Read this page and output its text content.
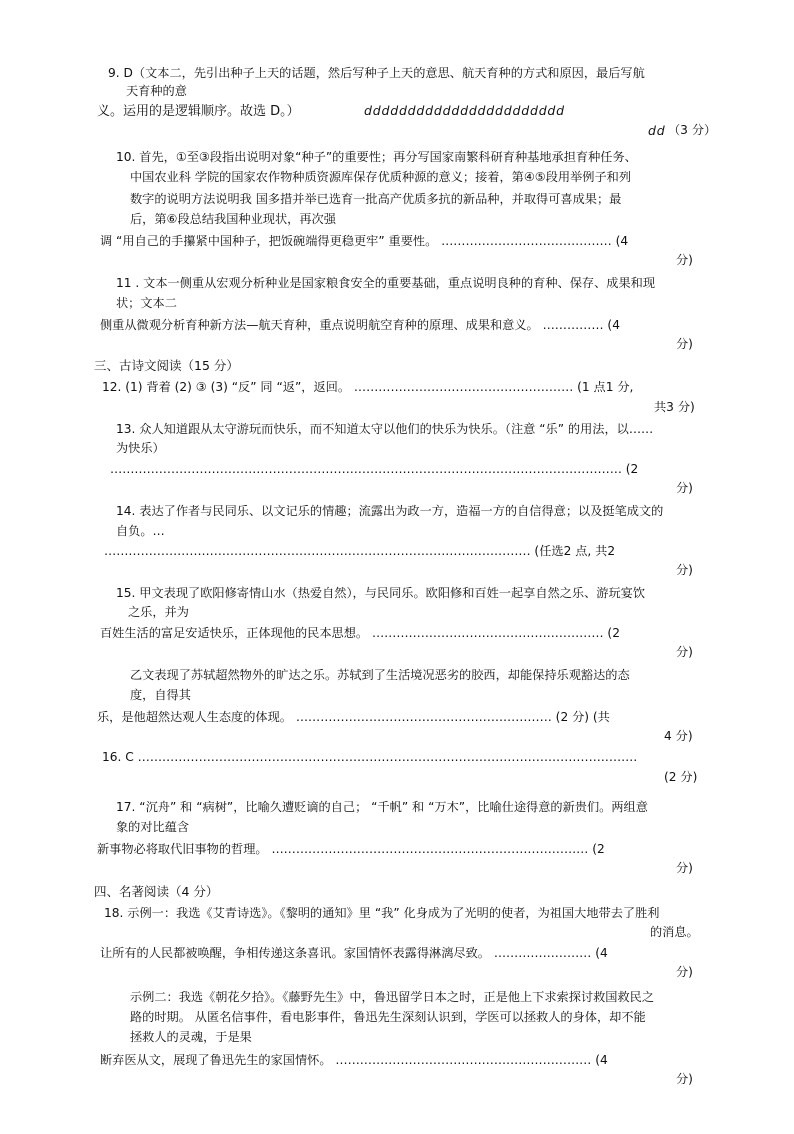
9. D（文本二，先引出种子上天的话题，然后写种子上天的意思、航天育种的方式和原因，最后写航
天育种的意
义。运用的是逻辑顺序。故选 D。）	ddddddddddddddddddddddd
dd （3 分）
10. 首先，①至③段指出说明对象“种子”的重要性；再分写国家南繁科研育种基地承担育种任务、
中国农业科 学院的国家农作物种质资源库保存优质种源的意义；接着，第④⑤段用举例子和列
数字的说明方法说明我 国多措并举已选育一批高产优质多抗的新品种，并取得可喜成果；最
后，第⑥段总结我国种业现状，再次强
调 “用自己的手攥紧中国种子，把饭碗端得更稳更牢” 重要性。 …………………………………… (4
分)
11 . 文本一侧重从宏观分析种业是国家粮食安全的重要基础，重点说明良种的育种、保存、成果和现
状；文本二
侧重从微观分析育种新方法—航天育种，重点说明航空育种的原理、成果和意义。 …………… (4
分)
三、古诗文阅读（15 分）
12. (1) 背着 (2) ③ (3) “反” 同 “返”，返回。 ……………………………………………… (1 点1 分,
共3 分)
13. 众人知道跟从太守游玩而快乐，而不知道太守以他们的快乐为快乐。（注意 “乐” 的用法，以……
为快乐）
……………………………………………………………………………………………………………… (2
分)
14. 表达了作者与民同乐、以文记乐的情趣；流露出为政一方，造福一方的自信得意；以及挺笔成文的
自负。…
…………………………………………………………………………………………… (任选2 点, 共2
分)
15. 甲文表现了欧阳修寄情山水（热爱自然），与民同乐。欧阳修和百姓一起享自然之乐、游玩宴饮
之乐，并为
百姓生活的富足安适快乐，正体现他的民本思想。 ………………………………………………… (2
分)
乙文表现了苏轼超然物外的旷达之乐。苏轼到了生活境况恶劣的胶西，却能保持乐观豁达的态
度，自得其
乐，是他超然达观人生态度的体现。 ……………………………………………………… (2 分) (共
4 分)
16. C ……………………………………………………………………………………………………………
(2 分)
17. “沉舟” 和 “病树”，比喻久遭贬谪的自己； “千帆” 和 “万木”，比喻仕途得意的新贵们。两组意
象的对比蕴含
新事物必将取代旧事物的哲理。 …………………………………………………………………… (2
分)
四、名著阅读（4 分）
18. 示例一：我选《艾青诗选》。《黎明的通知》里 “我” 化身成为了光明的使者，为祖国大地带去了胜利
的消息。
让所有的人民都被唤醒，争相传递这条喜讯。家国情怀表露得淋漓尽致。 …………………… (4
分)
示例二：我选《朝花夕拾》。《藤野先生》中，鲁迅留学日本之时，正是他上下求索探讨救国救民之
路的时期。 从匿名信事件，看电影事件，鲁迅先生深刻认识到，学医可以拯救人的身体，却不能
拯救人的灵魂，于是果
断弃医从文，展现了鲁迅先生的家国情怀。 ……………………………………………………… (4
分)
